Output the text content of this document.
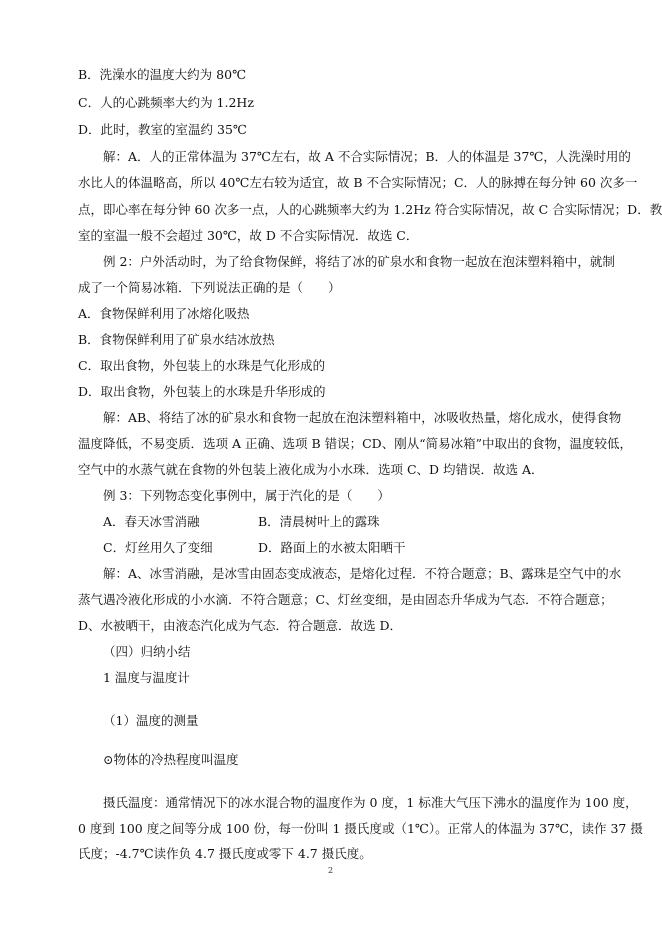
B．洗澡水的温度大约为 80℃
C．人的心跳频率大约为 1.2Hz
D．此时，教室的室温约 35℃
解：A．人的正常体温为 37℃左右，故 A 不合实际情况；B．人的体温是 37℃，人洗澡时用的
水比人的体温略高，所以 40℃左右较为适宜，故 B 不合实际情况；C．人的脉搏在每分钟 60 次多一
点，即心率在每分钟 60 次多一点，人的心跳频率大约为 1.2Hz 符合实际情况，故 C 合实际情况；D．教
室的室温一般不会超过 30℃，故 D 不合实际情况．故选 C．
例 2：户外活动时，为了给食物保鲜，将结了冰的矿泉水和食物一起放在泡沫塑料箱中，就制
成了一个简易冰箱．下列说法正确的是（　　）
A．食物保鲜利用了冰熔化吸热
B．食物保鲜利用了矿泉水结冰放热
C．取出食物，外包装上的水珠是气化形成的
D．取出食物，外包装上的水珠是升华形成的
解：AB、将结了冰的矿泉水和食物一起放在泡沫塑料箱中，冰吸收热量，熔化成水，使得食物
温度降低，不易变质．选项 A 正确、选项 B 错误；CD、刚从“简易冰箱”中取出的食物，温度较低，
空气中的水蒸气就在食物的外包装上液化成为小水珠．选项 C、D 均错误．故选 A．
例 3：下列物态变化事例中，属于汽化的是（　　）
A．春天冰雪消融	B．清晨树叶上的露珠
C．灯丝用久了变细	D．路面上的水被太阳晒干
解：A、冰雪消融，是冰雪由固态变成液态，是熔化过程．不符合题意；B、露珠是空气中的水
蒸气遇冷液化形成的小水滴．不符合题意；C、灯丝变细，是由固态升华成为气态．不符合题意；
D、水被晒干，由液态汽化成为气态．符合题意．故选 D．
（四）归纳小结
1 温度与温度计
（1）温度的测量
⊙物体的冷热程度叫温度
摄氏温度：通常情况下的冰水混合物的温度作为 0 度，1 标准大气压下沸水的温度作为 100 度，
0 度到 100 度之间等分成 100 份，每一份叫 1 摄氏度或（1℃）。正常人的体温为 37℃，读作 37 摄
氏度；-4.7℃读作负 4.7 摄氏度或零下 4.7 摄氏度。
2
